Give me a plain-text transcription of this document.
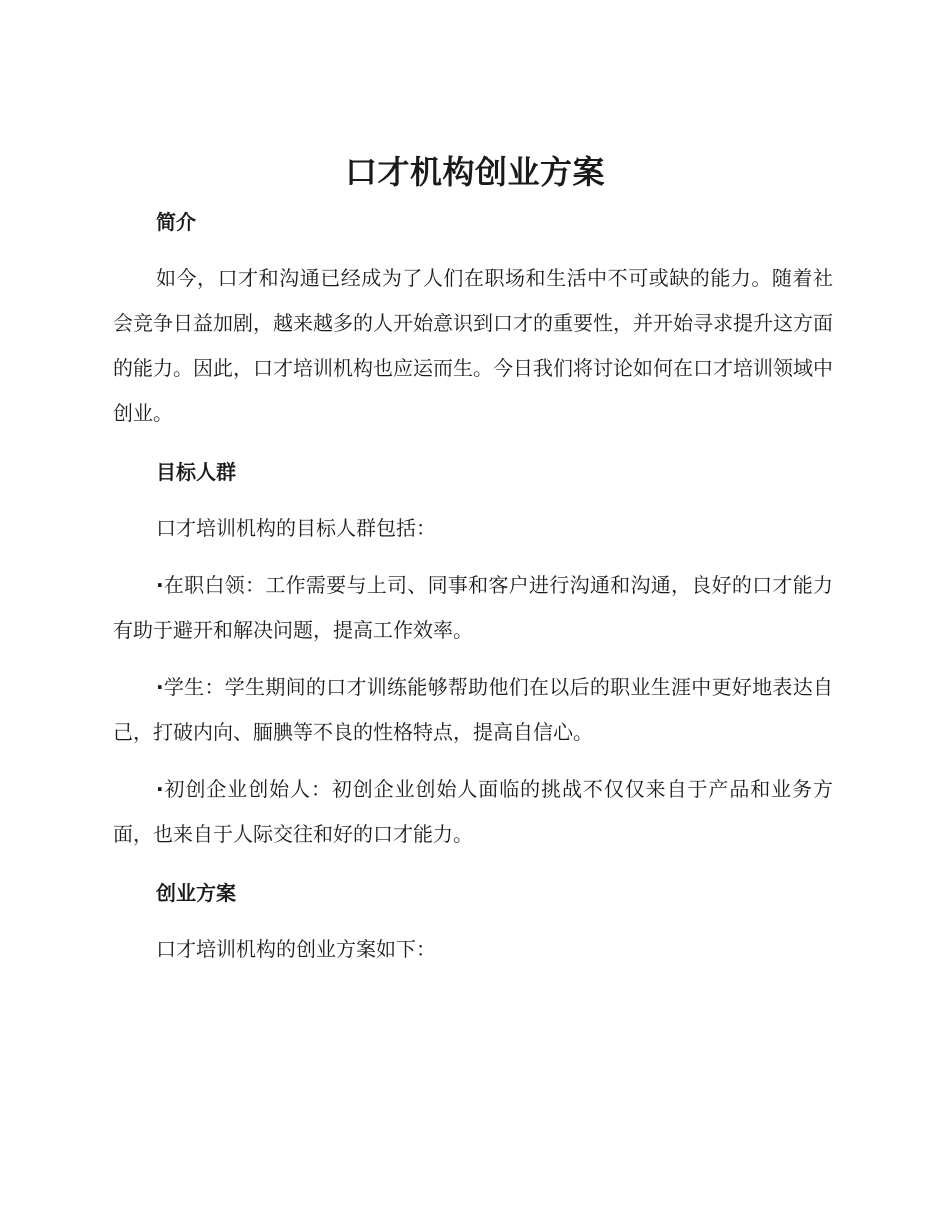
口才机构创业方案
简介

如今，口才和沟通已经成为了人们在职场和生活中不可或缺的能力。随着社会竞争日益加剧，越来越多的人开始意识到口才的重要性，并开始寻求提升这方面的能力。因此，口才培训机构也应运而生。今日我们将讨论如何在口才培训领域中创业。

目标人群

口才培训机构的目标人群包括：

·在职白领：工作需要与上司、同事和客户进行沟通和沟通，良好的口才能力有助于避开和解决问题，提高工作效率。

·学生：学生期间的口才训练能够帮助他们在以后的职业生涯中更好地表达自己，打破内向、腼腆等不良的性格特点，提高自信心。

·初创企业创始人：初创企业创始人面临的挑战不仅仅来自于产品和业务方面，也来自于人际交往和好的口才能力。

创业方案

口才培训机构的创业方案如下：
